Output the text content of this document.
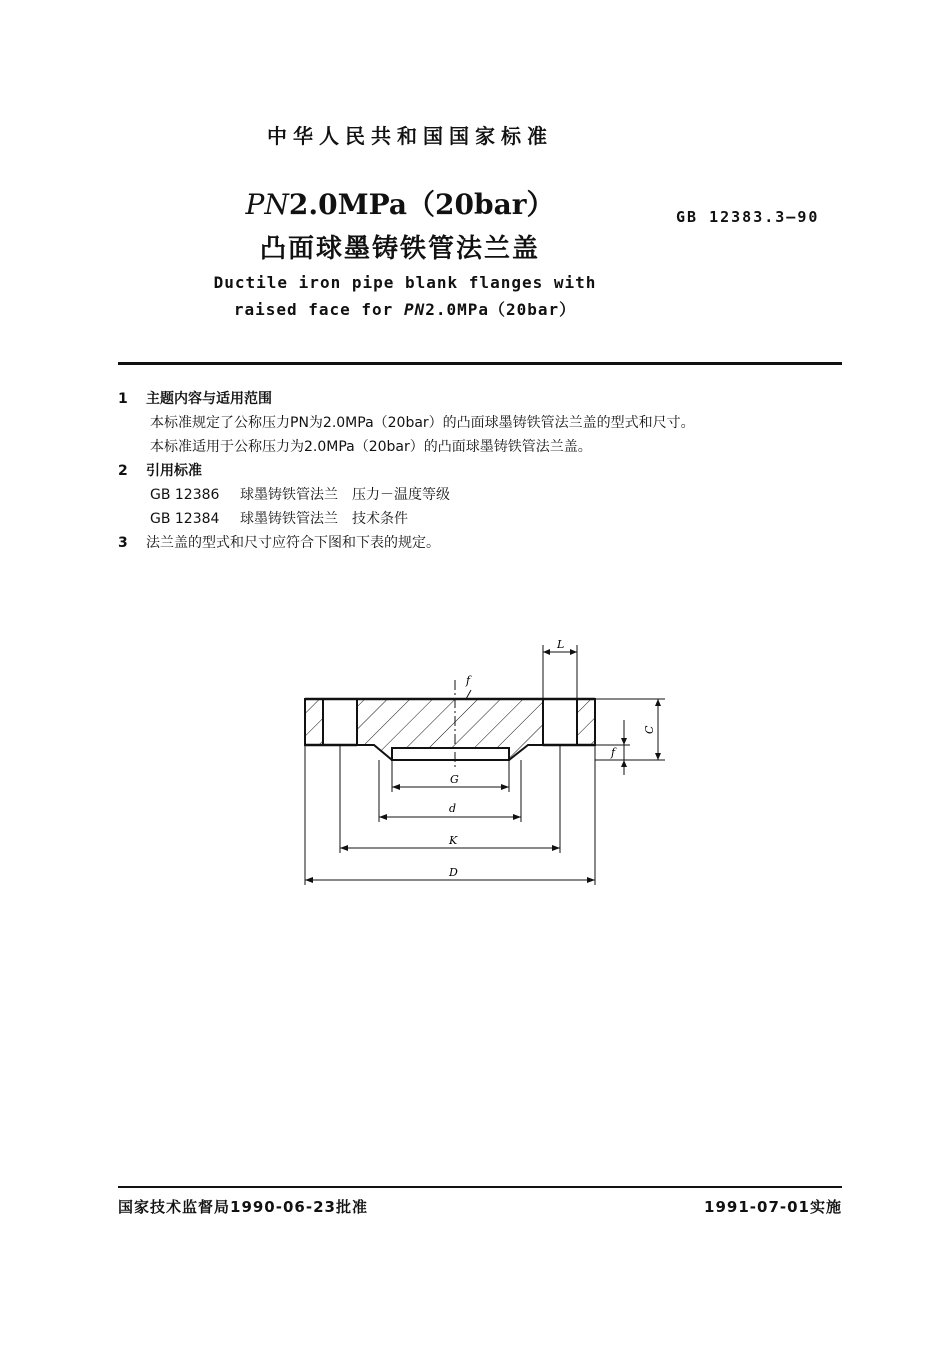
中华人民共和国国家标准
PN2.0MPa（20bar）
凸面球墨铸铁管法兰盖
Ductile iron pipe blank flanges with
raised face for PN2.0MPa（20bar）
GB 12383.3—90
1 主题内容与适用范围
本标准规定了公称压力PN为2.0MPa（20bar）的凸面球墨铸铁管法兰盖的型式和尺寸。
本标准适用于公称压力为2.0MPa（20bar）的凸面球墨铸铁管法兰盖。
2 引用标准
GB 12386 球墨铸铁管法兰　压力－温度等级
GB 12384 球墨铸铁管法兰　技术条件
3 法兰盖的型式和尺寸应符合下图和下表的规定。
L
C
f
f
G
d
K
D
国家技术监督局1990-06-23批准	1991-07-01实施
